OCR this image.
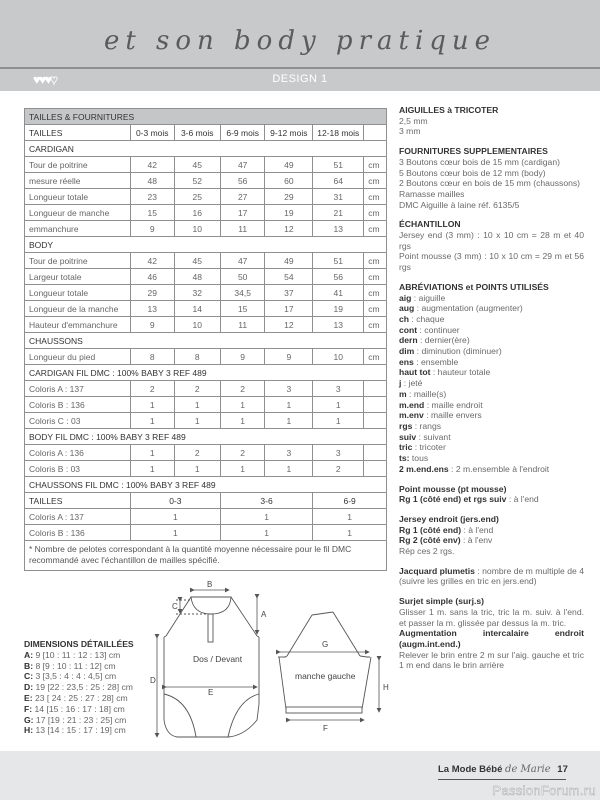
et son body pratique
♥♥♥♥	DESIGN 1
TAILLES & FOURNITURES						
TAILLES	0-3 mois	3-6 mois	6-9 mois	9-12 mois	12-18 mois	
CARDIGAN						
Tour de poitrine	42	45	47	49	51	cm
mesure réelle	48	52	56	60	64	cm
Longueur totale	23	25	27	29	31	cm
Longueur de manche	15	16	17	19	21	cm
emmanchure	9	10	11	12	13	cm
BODY						
Tour de poitrine	42	45	47	49	51	cm
Largeur totale	46	48	50	54	56	cm
Longueur totale	29	32	34,5	37	41	cm
Longueur de la manche	13	14	15	17	19	cm
Hauteur d'emmanchure	9	10	11	12	13	cm
CHAUSSONS						
Longueur du pied	8	8	9	9	10	cm
CARDIGAN FIL DMC : 100% BABY 3 REF 489						
Coloris A : 137	2	2	2	3	3	
Coloris B : 136	1	1	1	1	1	
Coloris C : 03	1	1	1	1	1	
BODY FIL DMC : 100% BABY 3 REF 489						
Coloris A : 136	1	2	2	3	3	
Coloris B : 03	1	1	1	1	2	
CHAUSSONS FIL DMC : 100% BABY 3 REF 489						
TAILLES	0-3		3-6		6-9	
Coloris A : 137	1		1		1	
Coloris B : 136	1		1		1	
* Nombre de pelotes correspondant à la quantité moyenne nécessaire pour le fil DMC recommandé avec l'échantillon de mailles spécifié.						
AIGUILLES à TRICOTER
2,5 mm
3 mm
FOURNITURES SUPPLEMENTAIRES
3 Boutons cœur bois de 15 mm (cardigan)
5 Boutons cœur bois de 12 mm (body)
2 Boutons cœur en bois de 15 mm (chaussons)
Ramasse mailles
DMC Aiguille à laine réf. 6135/5
ÉCHANTILLON
Jersey end (3 mm) : 10 x 10 cm = 28 m et 40 rgs
Point mousse (3 mm) : 10 x 10 cm = 29 m et 56 rgs
ABRÉVIATIONS et POINTS UTILISÉS
aig : aiguille
aug : augmentation (augmenter)
ch : chaque
cont : continuer
dern : dernier(ère)
dim : diminution (diminuer)
ens : ensemble
haut tot : hauteur totale
j : jeté
m : maille(s)
m.end : maille endroit
m.env : maille envers
rgs : rangs
suiv : suivant
tric : tricoter
ts: tous
2 m.end.ens : 2 m.ensemble à l'endroit
Point mousse (pt mousse)
Rg 1 (côté end) et rgs suiv : à l'end
Jersey endroit (jers.end)
Rg 1 (côté end) : à l'end
Rg 2 (côté env) : à l'env
Rép ces 2 rgs.
Jacquard plumetis : nombre de m multiple de 4 (suivre les grilles en tric en jers.end)
Surjet simple (surj.s)
Glisser 1 m. sans la tric, tric la m. suiv. à l'end. et passer la m. glissée par dessus la m. tric.
Augmentation intercalaire endroit (augm.int.end.)
Relever le brin entre 2 m sur l'aig. gauche et tric 1 m end dans le brin arrière
DIMENSIONS DÉTAILLÉES
A: 9 [10 : 11 : 12 : 13] cm
B: 8 [9 : 10 : 11 : 12] cm
C: 3 [3,5 : 4 : 4 : 4,5] cm
D: 19 [22 : 23,5 : 25 : 28] cm
E: 23 [ 24 : 25 : 27 : 28] cm
F: 14 [15 : 16 : 17 : 18] cm
G: 17 [19 : 21 : 23 : 25] cm
H: 13 [14 : 15 : 17 : 19] cm
B
C
A
D
E
Dos / Devant
G
H
F
manche gauche
La Mode Bébé de Marie 17
PassionForum.ru
